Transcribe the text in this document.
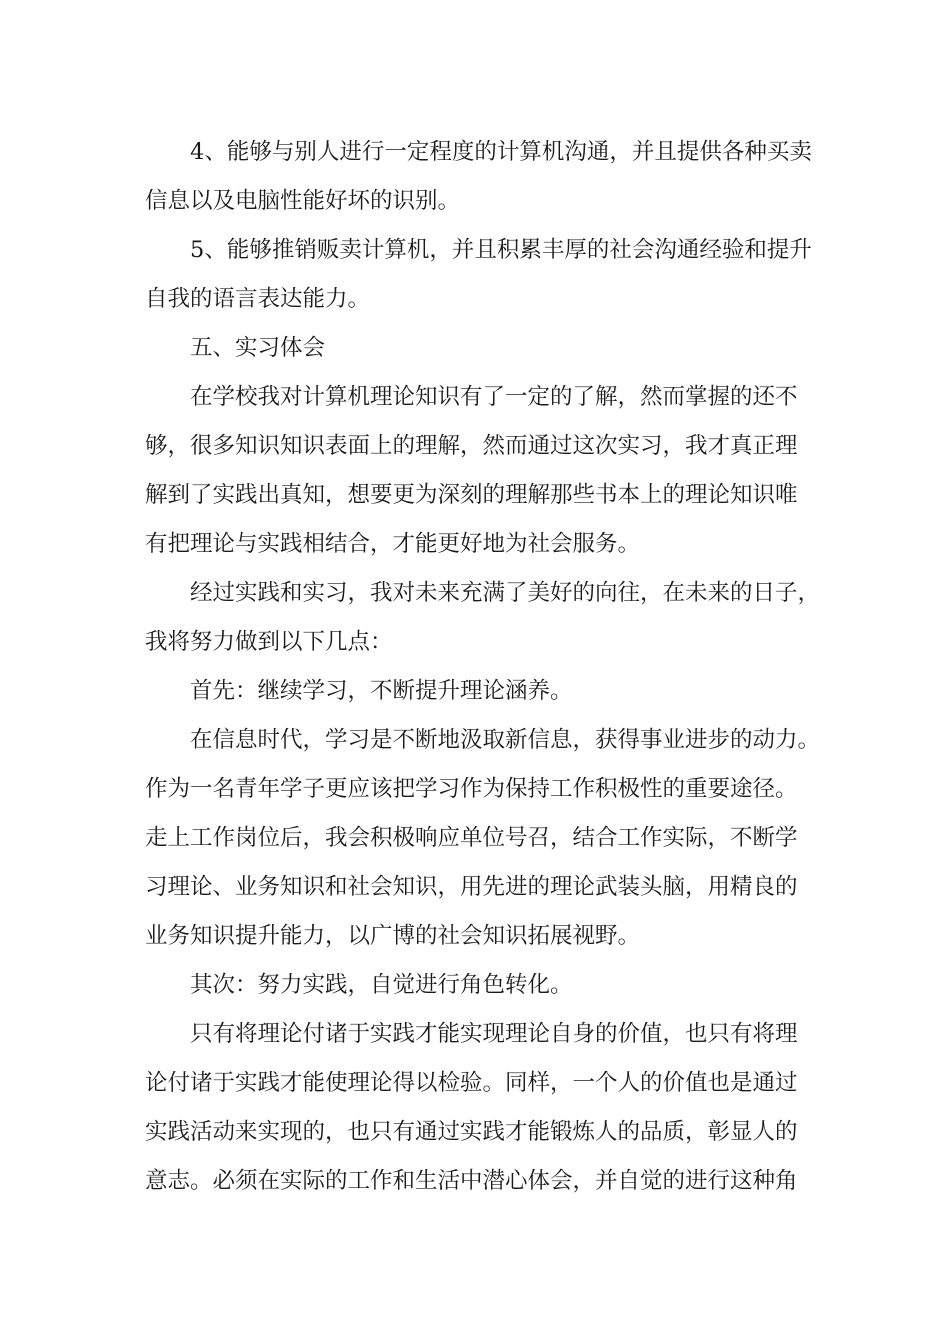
4、能够与别人进行一定程度的计算机沟通，并且提供各种买卖
信息以及电脑性能好坏的识别。
5、能够推销贩卖计算机，并且积累丰厚的社会沟通经验和提升
自我的语言表达能力。
五、实习体会
在学校我对计算机理论知识有了一定的了解，然而掌握的还不
够，很多知识知识表面上的理解，然而通过这次实习，我才真正理
解到了实践出真知，想要更为深刻的理解那些书本上的理论知识唯
有把理论与实践相结合，才能更好地为社会服务。
经过实践和实习，我对未来充满了美好的向往，在未来的日子，
我将努力做到以下几点：
首先：继续学习，不断提升理论涵养。
在信息时代，学习是不断地汲取新信息，获得事业进步的动力。
作为一名青年学子更应该把学习作为保持工作积极性的重要途径。
走上工作岗位后，我会积极响应单位号召，结合工作实际，不断学
习理论、业务知识和社会知识，用先进的理论武装头脑，用精良的
业务知识提升能力，以广博的社会知识拓展视野。
其次：努力实践，自觉进行角色转化。
只有将理论付诸于实践才能实现理论自身的价值，也只有将理
论付诸于实践才能使理论得以检验。同样，一个人的价值也是通过
实践活动来实现的，也只有通过实践才能锻炼人的品质，彰显人的
意志。必须在实际的工作和生活中潜心体会，并自觉的进行这种角
